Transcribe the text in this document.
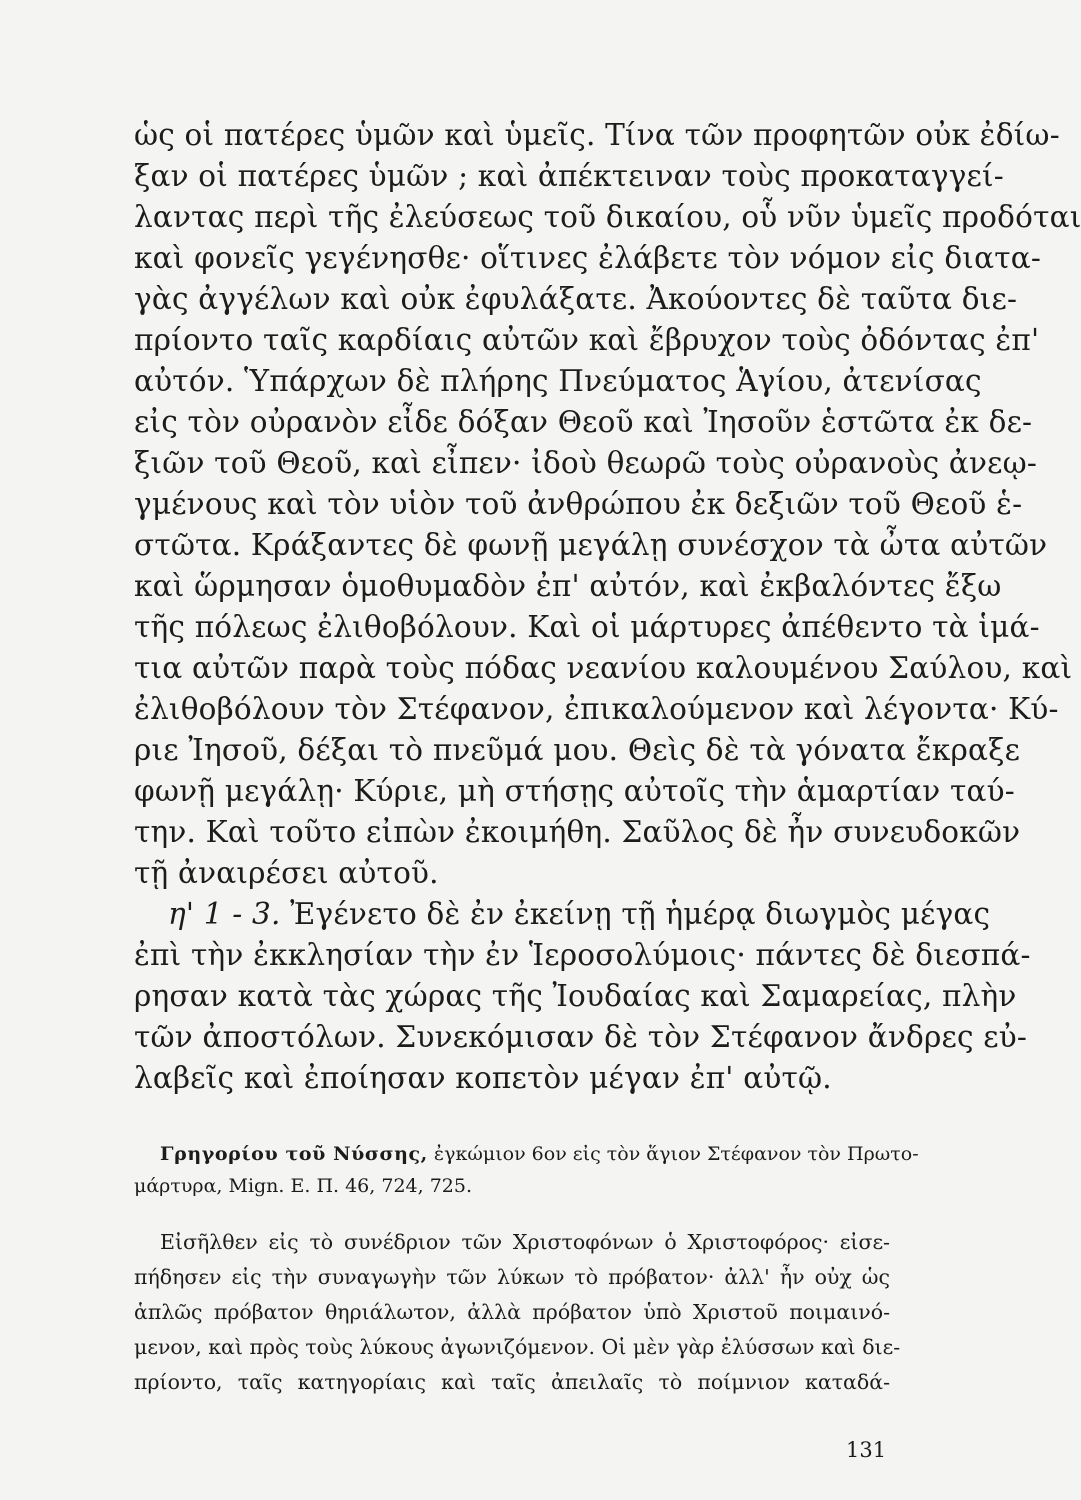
ὡς οἱ πατέρες ὑμῶν καὶ ὑμεῖς. Τίνα τῶν προφητῶν οὐκ ἐδίω-
ξαν οἱ πατέρες ὑμῶν ; καὶ ἀπέκτειναν τοὺς προκαταγγεί-
λαντας περὶ τῆς ἐλεύσεως τοῦ δικαίου, οὗ νῦν ὑμεῖς προδόται
καὶ φονεῖς γεγένησθε· οἵτινες ἐλάβετε τὸν νόμον εἰς διατα-
γὰς ἀγγέλων καὶ οὐκ ἐφυλάξατε. Ἀκούοντες δὲ ταῦτα διε-
πρίοντο ταῖς καρδίαις αὐτῶν καὶ ἔβρυχον τοὺς ὀδόντας ἐπ'
αὐτόν. Ὑπάρχων δὲ πλήρης Πνεύματος Ἁγίου, ἀτενίσας
εἰς τὸν οὐρανὸν εἶδε δόξαν Θεοῦ καὶ Ἰησοῦν ἑστῶτα ἐκ δε-
ξιῶν τοῦ Θεοῦ, καὶ εἶπεν· ἰδοὺ θεωρῶ τοὺς οὐρανοὺς ἀνεῳ-
γμένους καὶ τὸν υἱὸν τοῦ ἀνθρώπου ἐκ δεξιῶν τοῦ Θεοῦ ἑ-
στῶτα. Κράξαντες δὲ φωνῇ μεγάλῃ συνέσχον τὰ ὦτα αὐτῶν
καὶ ὥρμησαν ὁμοθυμαδὸν ἐπ' αὐτόν, καὶ ἐκβαλόντες ἔξω
τῆς πόλεως ἐλιθοβόλουν. Καὶ οἱ μάρτυρες ἀπέθεντο τὰ ἱμά-
τια αὐτῶν παρὰ τοὺς πόδας νεανίου καλουμένου Σαύλου, καὶ
ἐλιθοβόλουν τὸν Στέφανον, ἐπικαλούμενον καὶ λέγοντα· Κύ-
ριε Ἰησοῦ, δέξαι τὸ πνεῦμά μου. Θεὶς δὲ τὰ γόνατα ἔκραξε
φωνῇ μεγάλῃ· Κύριε, μὴ στήσῃς αὐτοῖς τὴν ἁμαρτίαν ταύ-
την. Καὶ τοῦτο εἰπὼν ἐκοιμήθη. Σαῦλος δὲ ἦν συνευδοκῶν
τῇ ἀναιρέσει αὐτοῦ.
η' 1 - 3. Ἐγένετο δὲ ἐν ἐκείνῃ τῇ ἡμέρᾳ διωγμὸς μέγας
ἐπὶ τὴν ἐκκλησίαν τὴν ἐν Ἱεροσολύμοις· πάντες δὲ διεσπά-
ρησαν κατὰ τὰς χώρας τῆς Ἰουδαίας καὶ Σαμαρείας, πλὴν
τῶν ἀποστόλων. Συνεκόμισαν δὲ τὸν Στέφανον ἄνδρες εὐ-
λαβεῖς καὶ ἐποίησαν κοπετὸν μέγαν ἐπ' αὐτῷ.
Γρηγορίου τοῦ Νύσσης, ἐγκώμιον 6ον εἰς τὸν ἅγιον Στέφανον τὸν Πρωτο-
μάρτυρα, Mign. E. Π. 46, 724, 725.
Εἰσῆλθεν εἰς τὸ συνέδριον τῶν Χριστοφόνων ὁ Χριστοφόρος· εἰσε-
πήδησεν εἰς τὴν συναγωγὴν τῶν λύκων τὸ πρόβατον· ἀλλ' ἦν οὐχ ὡς
ἁπλῶς πρόβατον θηριάλωτον, ἀλλὰ πρόβατον ὑπὸ Χριστοῦ ποιμαινό-
μενον, καὶ πρὸς τοὺς λύκους ἀγωνιζόμενον. Οἱ μὲν γὰρ ἐλύσσων καὶ διε-
πρίοντο, ταῖς κατηγορίαις καὶ ταῖς ἀπειλαῖς τὸ ποίμνιον καταδά-
131
